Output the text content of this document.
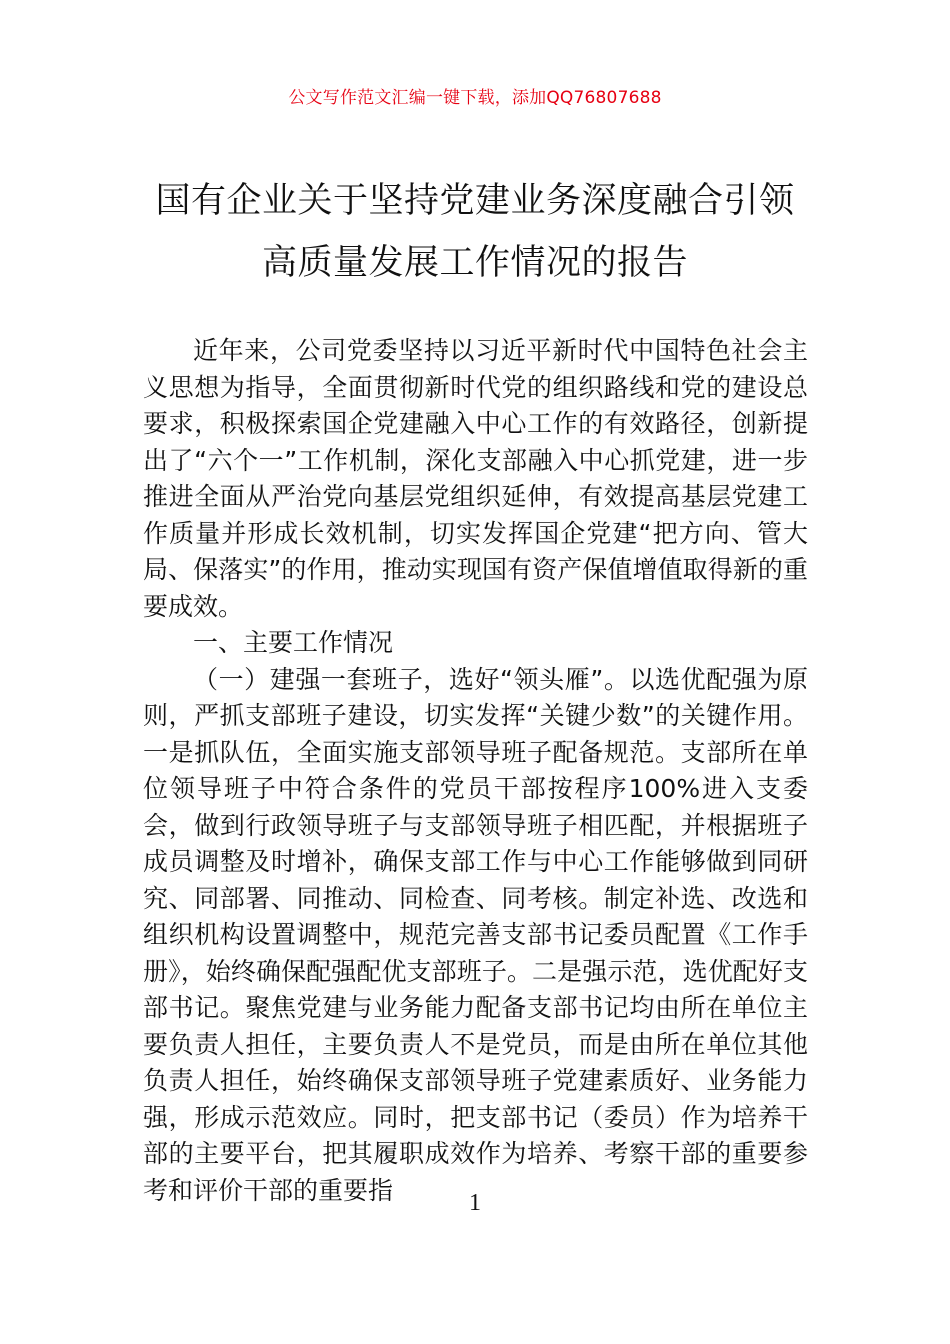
公文写作范文汇编一键下载，添加QQ76807688
国有企业关于坚持党建业务深度融合引领
高质量发展工作情况的报告

近年来，公司党委坚持以习近平新时代中国特色社会主义思想为指导，全面贯彻新时代党的组织路线和党的建设总要求，积极探索国企党建融入中心工作的有效路径，创新提出了“六个一”工作机制，深化支部融入中心抓党建，进一步推进全面从严治党向基层党组织延伸，有效提高基层党建工作质量并形成长效机制，切实发挥国企党建“把方向、管大局、保落实”的作用，推动实现国有资产保值增值取得新的重要成效。

一、主要工作情况

（一）建强一套班子，选好“领头雁”。以选优配强为原则，严抓支部班子建设，切实发挥“关键少数”的关键作用。一是抓队伍，全面实施支部领导班子配备规范。支部所在单位领导班子中符合条件的党员干部按程序100%进入支委会，做到行政领导班子与支部领导班子相匹配，并根据班子成员调整及时增补，确保支部工作与中心工作能够做到同研究、同部署、同推动、同检查、同考核。制定补选、改选和组织机构设置调整中，规范完善支部书记委员配置《工作手册》，始终确保配强配优支部班子。二是强示范，选优配好支部书记。聚焦党建与业务能力配备支部书记均由所在单位主要负责人担任，主要负责人不是党员，而是由所在单位其他负责人担任，始终确保支部领导班子党建素质好、业务能力强，形成示范效应。同时，把支部书记（委员）作为培养干部的主要平台，把其履职成效作为培养、考察干部的重要参考和评价干部的重要指	1
